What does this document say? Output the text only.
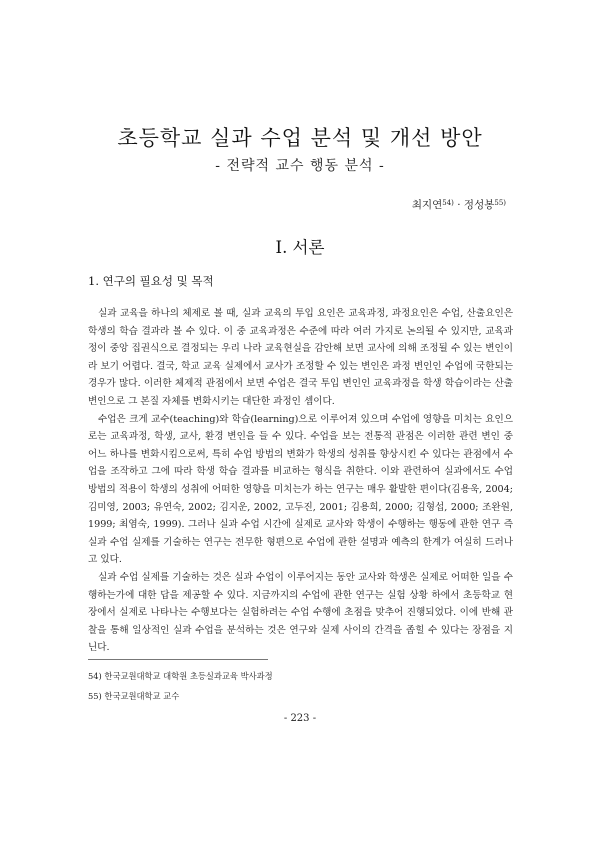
초등학교 실과 수업 분석 및 개선 방안
- 전략적 교수 행동 분석 -
최지연$^{54)}$ · 정성봉$^{55)}$
Ⅰ. 서론
1. 연구의 필요성 및 목적

실과 교육을 하나의 체제로 볼 때, 실과 교육의 투입 요인은 교육과정, 과정요인은 수업, 산출요인은 학생의 학습 결과라 볼 수 있다. 이 중 교육과정은 수준에 따라 여러 가지로 논의될 수 있지만, 교육과정이 중앙 집권식으로 결정되는 우리 나라 교육현실을 감안해 보면 교사에 의해 조정될 수 있는 변인이라 보기 어렵다. 결국, 학교 교육 실제에서 교사가 조정할 수 있는 변인은 과정 변인인 수업에 국한되는 경우가 많다. 이러한 체제적 관점에서 보면 수업은 결국 투입 변인인 교육과정을 학생 학습이라는 산출변인으로 그 본질 자체를 변화시키는 대단한 과정인 셈이다.

수업은 크게 교수(teaching)와 학습(learning)으로 이루어져 있으며 수업에 영향을 미치는 요인으로는 교육과정, 학생, 교사, 환경 변인을 들 수 있다. 수업을 보는 전통적 관점은 이러한 관련 변인 중 어느 하나를 변화시킴으로써, 특히 수업 방법의 변화가 학생의 성취를 향상시킨 수 있다는 관점에서 수업을 조작하고 그에 따라 학생 학습 결과를 비교하는 형식을 취한다. 이와 관련하여 실과에서도 수업 방법의 적용이 학생의 성취에 어떠한 영향을 미치는가 하는 연구는 매우 활발한 편이다(김용욱, 2004; 김미영, 2003; 유연숙, 2002; 김지운, 2002, 고두진, 2001; 김용희, 2000; 김형섭, 2000; 조완원, 1999; 최염숙, 1999). 그러나 실과 수업 시간에 실제로 교사와 학생이 수행하는 행동에 관한 연구 즉 실과 수업 실제를 기술하는 연구는 전무한 형편으로 수업에 관한 설명과 예측의 한계가 여실히 드러나고 있다.

실과 수업 실제를 기술하는 것은 실과 수업이 이루어지는 동안 교사와 학생은 실제로 어떠한 일을 수행하는가에 대한 답을 제공할 수 있다. 지금까지의 수업에 관한 연구는 실험 상황 하에서 초등학교 현장에서 실제로 나타나는 수행보다는 실험하려는 수업 수행에 초점을 맞추어 진행되었다. 이에 반해 관찰을 통해 일상적인 실과 수업을 분석하는 것은 연구와 실제 사이의 간격을 좁힐 수 있다는 장점을 지닌다.

54) 한국교원대학교 대학원 초등실과교육 박사과정
55) 한국교원대학교 교수
- 223 -
